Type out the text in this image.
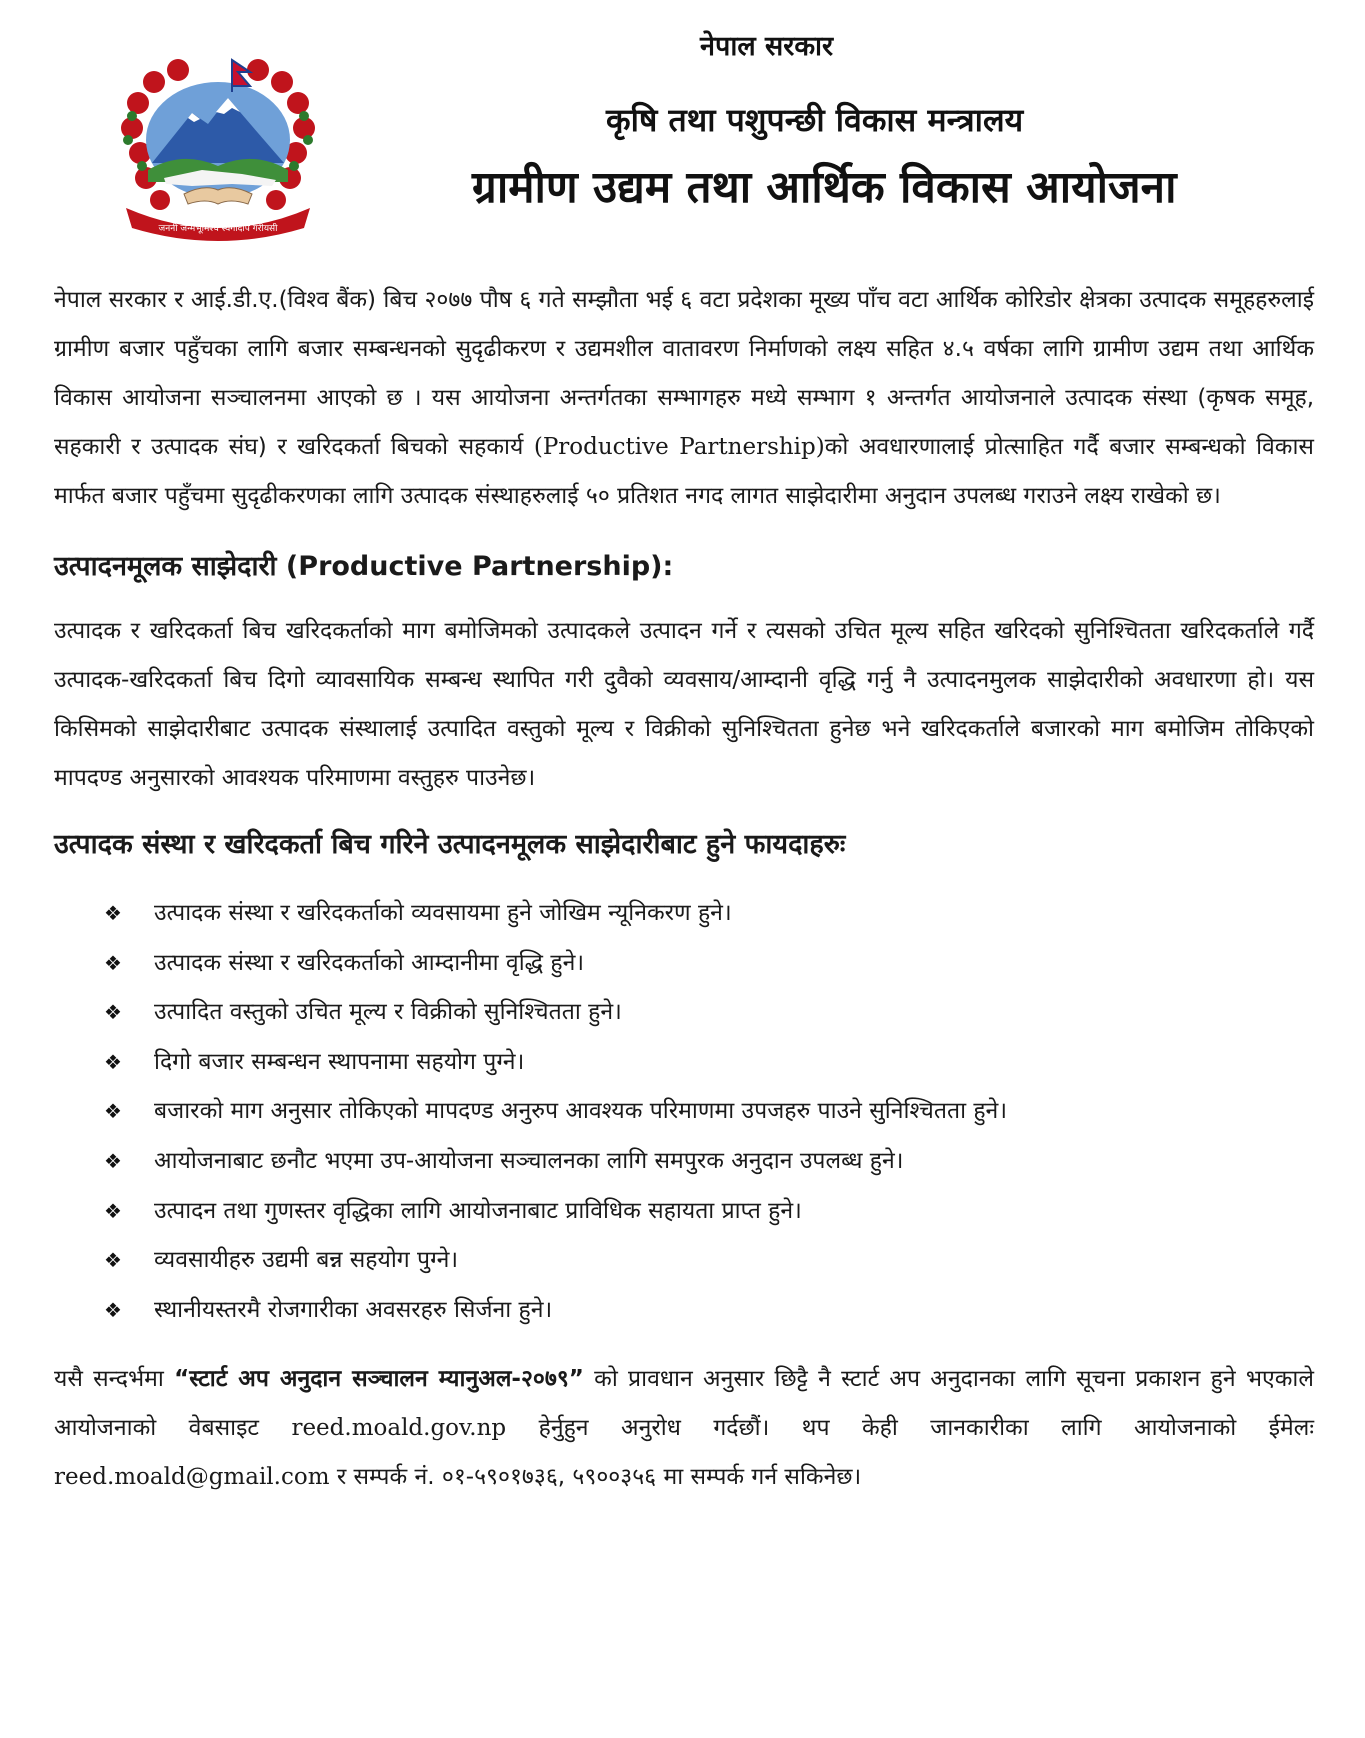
जननी जन्मभूमिश्च स्वर्गादपि गरीयसी
नेपाल सरकार
कृषि तथा पशुपन्छी विकास मन्त्रालय
ग्रामीण उद्यम तथा आर्थिक विकास आयोजना

नेपाल सरकार र आई.डी.ए.(विश्व बैंक) बिच २०७७ पौष ६ गते सम्झौता भई ६ वटा प्रदेशका मूख्य पाँच वटा आर्थिक कोरिडोर क्षेत्रका उत्पादक समूहहरुलाई ग्रामीण बजार पहुँचका लागि बजार सम्बन्धनको सुदृढीकरण र उद्यमशील वातावरण निर्माणको लक्ष्य सहित ४.५ वर्षका लागि ग्रामीण उद्यम तथा आर्थिक विकास आयोजना सञ्चालनमा आएको छ । यस आयोजना अन्तर्गतका सम्भागहरु मध्ये सम्भाग १ अन्तर्गत आयोजनाले उत्पादक संस्था (कृषक समूह, सहकारी र उत्पादक संघ) र खरिदकर्ता बिचको सहकार्य (Productive Partnership)को अवधारणालाई प्रोत्साहित गर्दै बजार सम्बन्धको विकास मार्फत बजार पहुँचमा सुदृढीकरणका लागि उत्पादक संस्थाहरुलाई ५० प्रतिशत नगद लागत साझेदारीमा अनुदान उपलब्ध गराउने लक्ष्य राखेको छ।

उत्पादनमूलक साझेदारी (Productive Partnership):

उत्पादक र खरिदकर्ता बिच खरिदकर्ताको माग बमोजिमको उत्पादकले उत्पादन गर्ने र त्यसको उचित मूल्य सहित खरिदको सुनिश्चितता खरिदकर्तालेे गर्दै उत्पादक-खरिदकर्ता बिच दिगो व्यावसायिक सम्बन्ध स्थापित गरी दुवैको व्यवसाय/आम्दानी वृद्धि गर्नु नै उत्पादनमुलक साझेदारीको अवधारणा हो। यस किसिमको साझेदारीबाट उत्पादक संस्थालाई उत्पादित वस्तुको मूल्य र विक्रीको सुनिश्चितता हुनेछ भने खरिदकर्तालेे बजारको माग बमोजिम तोकिएको मापदण्ड अनुसारको आवश्यक परिमाणमा वस्तुहरु पाउनेछ।

उत्पादक संस्था र खरिदकर्ता बिच गरिने उत्पादनमूलक साझेदारीबाट हुने फायदाहरुः
❖	उत्पादक संस्था र खरिदकर्ताको व्यवसायमा हुने जोखिम न्यूनिकरण हुने।
❖	उत्पादक संस्था र खरिदकर्ताको आम्दानीमा वृद्धि हुने।
❖	उत्पादित वस्तुको उचित मूल्य र विक्रीको सुनिश्चितता हुने।
❖	दिगो बजार सम्बन्धन स्थापनामा सहयोग पुग्ने।
❖	बजारको माग अनुसार तोकिएको मापदण्ड अनुरुप आवश्यक परिमाणमा उपजहरु पाउने सुनिश्चितता हुने।
❖	आयोजनाबाट छनौट भएमा उप-आयोजना सञ्चालनका लागि समपुरक अनुदान उपलब्ध हुने।
❖	उत्पादन तथा गुणस्तर वृद्धिका लागि आयोजनाबाट प्राविधिक सहायता प्राप्त हुने।
❖	व्यवसायीहरु उद्यमी बन्न सहयोग पुग्ने।
❖	स्थानीयस्तरमै रोजगारीका अवसरहरु सिर्जना हुने।

यसै सन्दर्भमा “स्टार्ट अप अनुदान सञ्चालन म्यानुअल-२०७९” को प्रावधान अनुसार छिट्टै नै स्टार्ट अप अनुदानका लागि सूचना प्रकाशन हुने भएकाले आयोजनाको वेबसाइट reed.moald.gov.np हेर्नुहुन अनुरोध गर्दछौं। थप केही जानकारीका लागि आयोजनाको ईमेलः reed.moald@gmail.com र सम्पर्क नं. ०१-५९०१७३६, ५९००३५६ मा सम्पर्क गर्न सकिनेछ।
